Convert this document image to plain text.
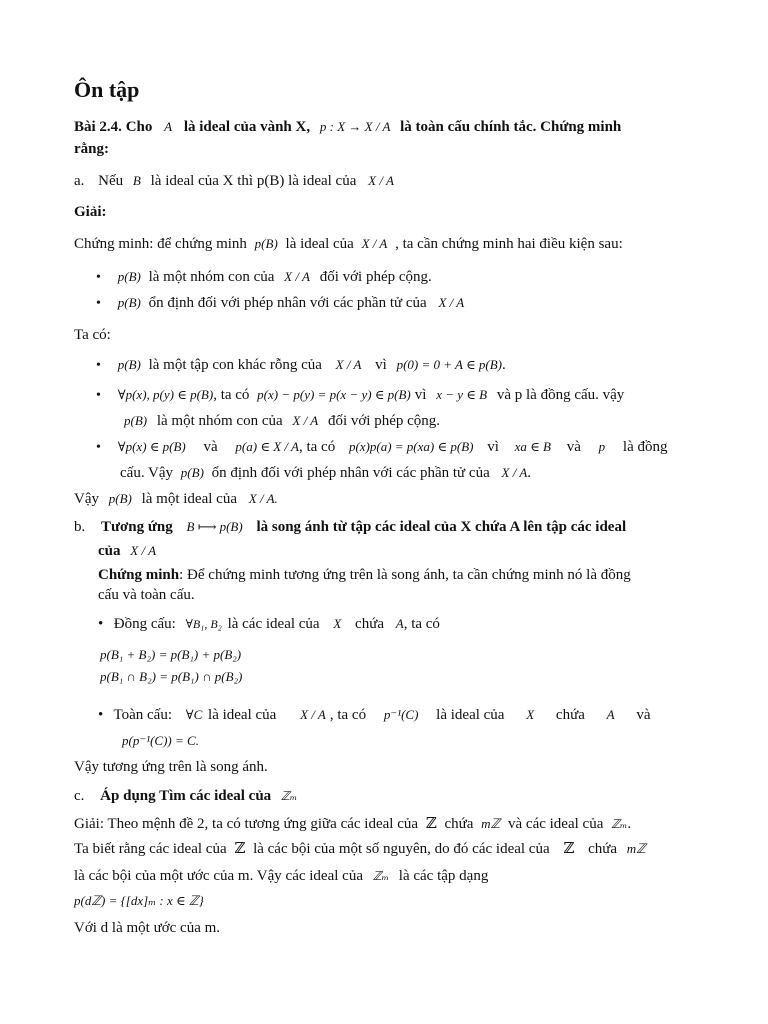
Ôn tập
Bài 2.4. Cho A là ideal của vành X, p : X → X / A là toàn cấu chính tắc. Chứng minh
rằng:
a. Nếu B là ideal của X thì p(B) là ideal của X / A
Giải:
Chứng minh: để chứng minh p(B) là ideal của X / A , ta cần chứng minh hai điều kiện sau:
• p(B) là một nhóm con của X / A đối với phép cộng.
• p(B) ổn định đối với phép nhân với các phần tử của X / A
Ta có:
• p(B) là một tập con khác rỗng của X / A vì p(0) = 0 + A ∈ p(B).
• ∀p(x), p(y) ∈ p(B), ta có p(x) − p(y) = p(x − y) ∈ p(B) vì x − y ∈ B và p là đồng cấu. vậy
p(B) là một nhóm con của X / A đối với phép cộng.
• ∀p(x) ∈ p(B) và p(a) ∈ X / A, ta có p(x)p(a) = p(xa) ∈ p(B) vì xa ∈ B và p là đồng
cấu. Vậy p(B) ổn định đối với phép nhân với các phần tử của X / A.
Vậy p(B) là một ideal của X / A.
b. Tương ứng B ⟼ p(B) là song ánh từ tập các ideal của X chứa A lên tập các ideal
của X / A
Chứng minh: Để chứng minh tương ứng trên là song ánh, ta cần chứng minh nó là đồng
cấu và toàn cấu.
• Đồng cấu: ∀B₁, B₂ là các ideal của X chứa A, ta có
p(B₁ + B₂) = p(B₁) + p(B₂)
p(B₁ ∩ B₂) = p(B₁) ∩ p(B₂)
• Toàn cấu: ∀C là ideal của X / A , ta có p⁻¹(C) là ideal của X chứa A và
p(p⁻¹(C)) = C.
Vậy tương ứng trên là song ánh.
c. Áp dụng Tìm các ideal của ℤₘ
Giải: Theo mệnh đề 2, ta có tương ứng giữa các ideal của ℤ chứa mℤ và các ideal của ℤₘ.
Ta biết rằng các ideal của ℤ là các bội của một số nguyên, do đó các ideal của ℤ chứa mℤ
là các bội của một ước của m. Vậy các ideal của ℤₘ là các tập dạng
p(dℤ) = {[dx]ₘ : x ∈ ℤ}
Với d là một ước của m.
